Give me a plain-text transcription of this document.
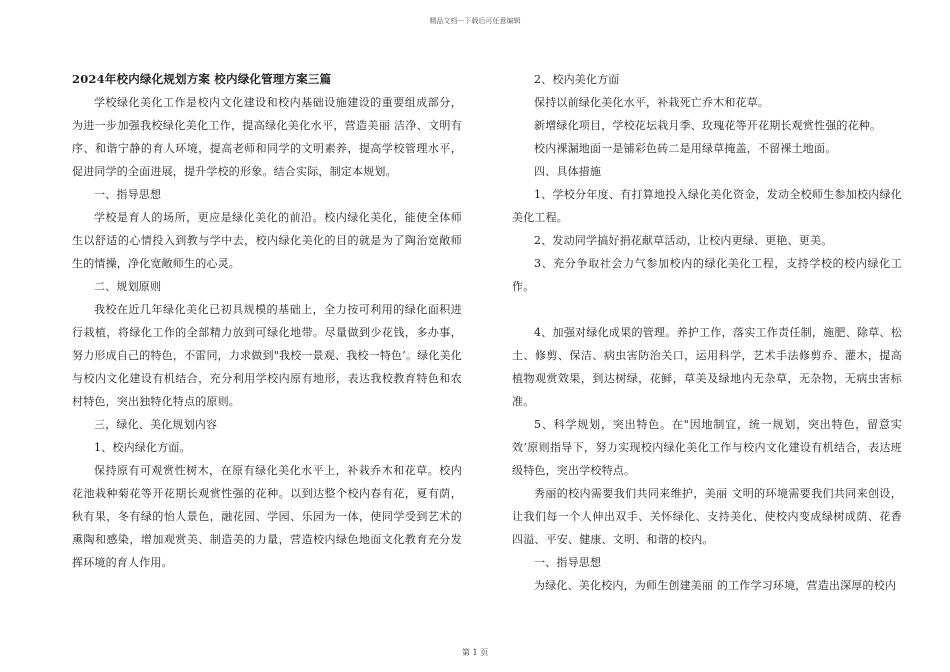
精品文档---下载后可任意编辑

2024年校内绿化规划方案 校内绿化管理方案三篇

学校绿化美化工作是校内文化建设和校内基础设施建设的重要组成部分，为进一步加强我校绿化美化工作，提高绿化美化水平，营造美丽 洁净、文明有序、和谐宁静的育人环境，提高老师和同学的文明素养，提高学校管理水平，促进同学的全面进展，提升学校的形象。结合实际，制定本规划。

一、指导思想

学校是育人的场所，更应是绿化美化的前沿。校内绿化美化，能使全体师生以舒适的心情投入到教与学中去，校内绿化美化的目的就是为了陶治宽敞师生的情操，净化宽敞师生的心灵。

二、规划原则

我校在近几年绿化美化已初具规模的基础上，全力按可利用的绿化面积进行栽植，将绿化工作的全部精力放到可绿化地带。尽量做到少花钱，多办事，努力形成自己的特色，不雷同，力求做到"我校一景观、我校一特色’。绿化美化与校内文化建设有机结合，充分利用学校内原有地形，表达我校教育特色和农村特色，突出独特化特点的原则。

三，绿化、美化规划内容

1、校内绿化方面。

保持原有可观赏性树木，在原有绿化美化水平上，补栽乔木和花草。校内花池栽种菊花等开花期长观赏性强的花种。以到达整个校内春有花，夏有荫，秋有果，冬有绿的怡人景色，融花园、学园、乐园为一体，使同学受到艺术的熏陶和感染，增加观赏美、制造美的力量，营造校内绿色地面文化教育充分发挥环境的育人作用。

2、校内美化方面

保持以前绿化美化水平，补栽死亡乔木和花草。

新增绿化项目，学校花坛栽月季、玫瑰花等开花期长观赏性强的花种。

校内裸漏地面一是铺彩色砖二是用绿草掩盖，不留裸土地面。

四、具体措施

1、学校分年度、有打算地投入绿化美化资金，发动全校师生参加校内绿化美化工程。

2、发动同学搞好捐花献草活动，让校内更绿、更艳、更美。

3、充分争取社会力气参加校内的绿化美化工程，支持学校的校内绿化工作。

4、加强对绿化成果的管理。养护工作，落实工作责任制，施肥、除草、松土、修剪、保洁、病虫害防治关口，运用科学，艺术手法修剪乔、灌木，提高植物观赏效果，到达树绿，花鲜，草美及绿地内无杂草，无杂物，无病虫害标准。

5、科学规划，突出特色。在"因地制宜，统一规划，突出特色，留意实效’原则指导下，努力实现校内绿化美化工作与校内文化建设有机结合，表达班级特色，突出学校特点。

秀丽的校内需要我们共同来维护，美丽 文明的环境需要我们共同来创设，让我们每一个人伸出双手、关怀绿化、支持美化、使校内变成绿树成荫、花香四溢、平安、健康、文明、和谐的校内。

一、指导思想

为绿化、美化校内，为师生创建美丽 的工作学习环境，营造出深厚的校内

第 1 页
